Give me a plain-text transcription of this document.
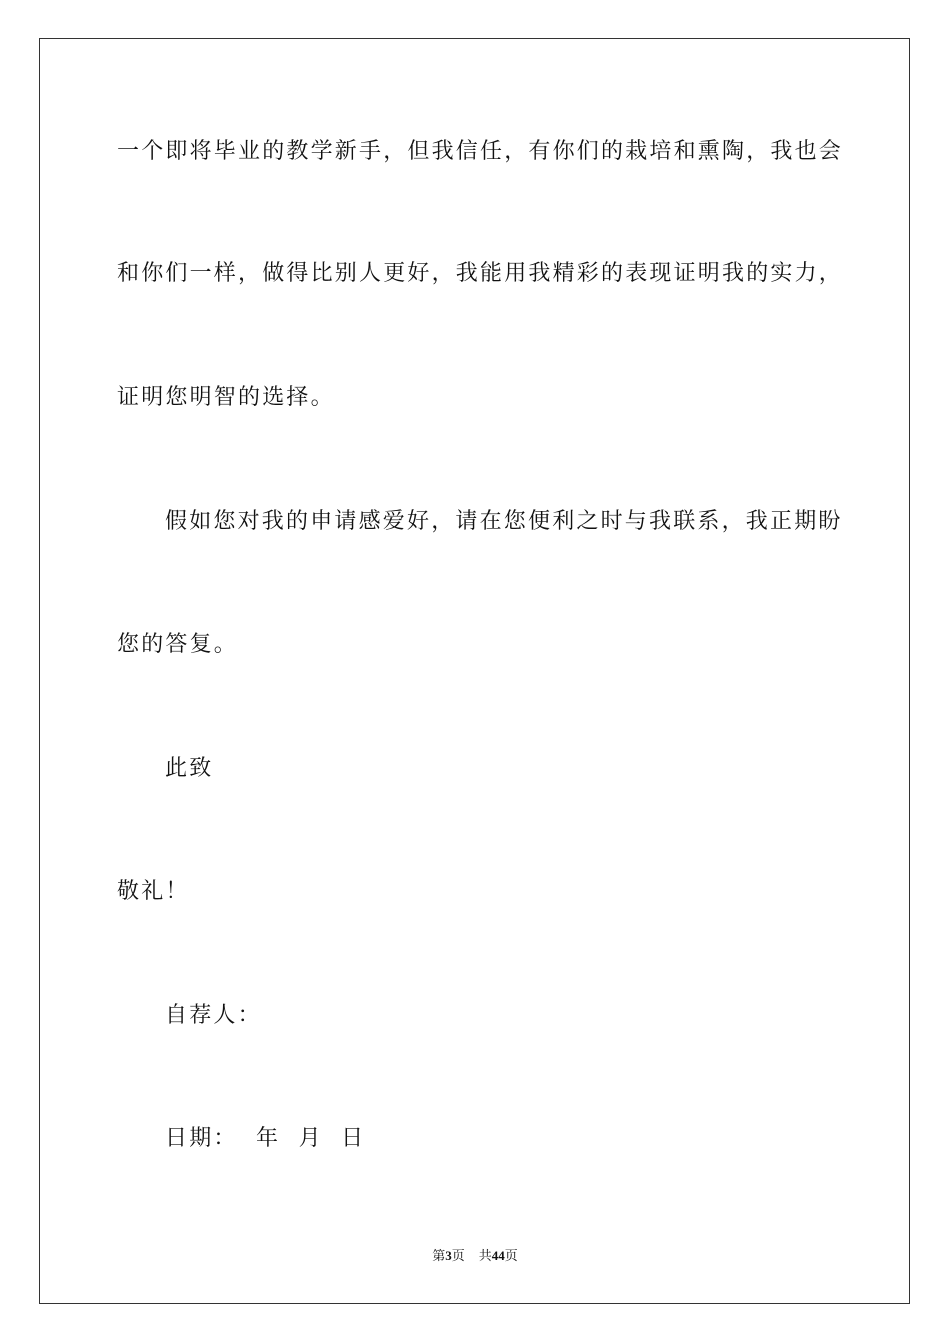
一个即将毕业的教学新手，但我信任，有你们的栽培和熏陶，我也会
和你们一样，做得比别人更好，我能用我精彩的表现证明我的实力，
证明您明智的选择。
假如您对我的申请感爱好，请在您便利之时与我联系，我正期盼
您的答复。
此致
敬礼！
自荐人：
日期：  年  月  日
第3页 共44页
